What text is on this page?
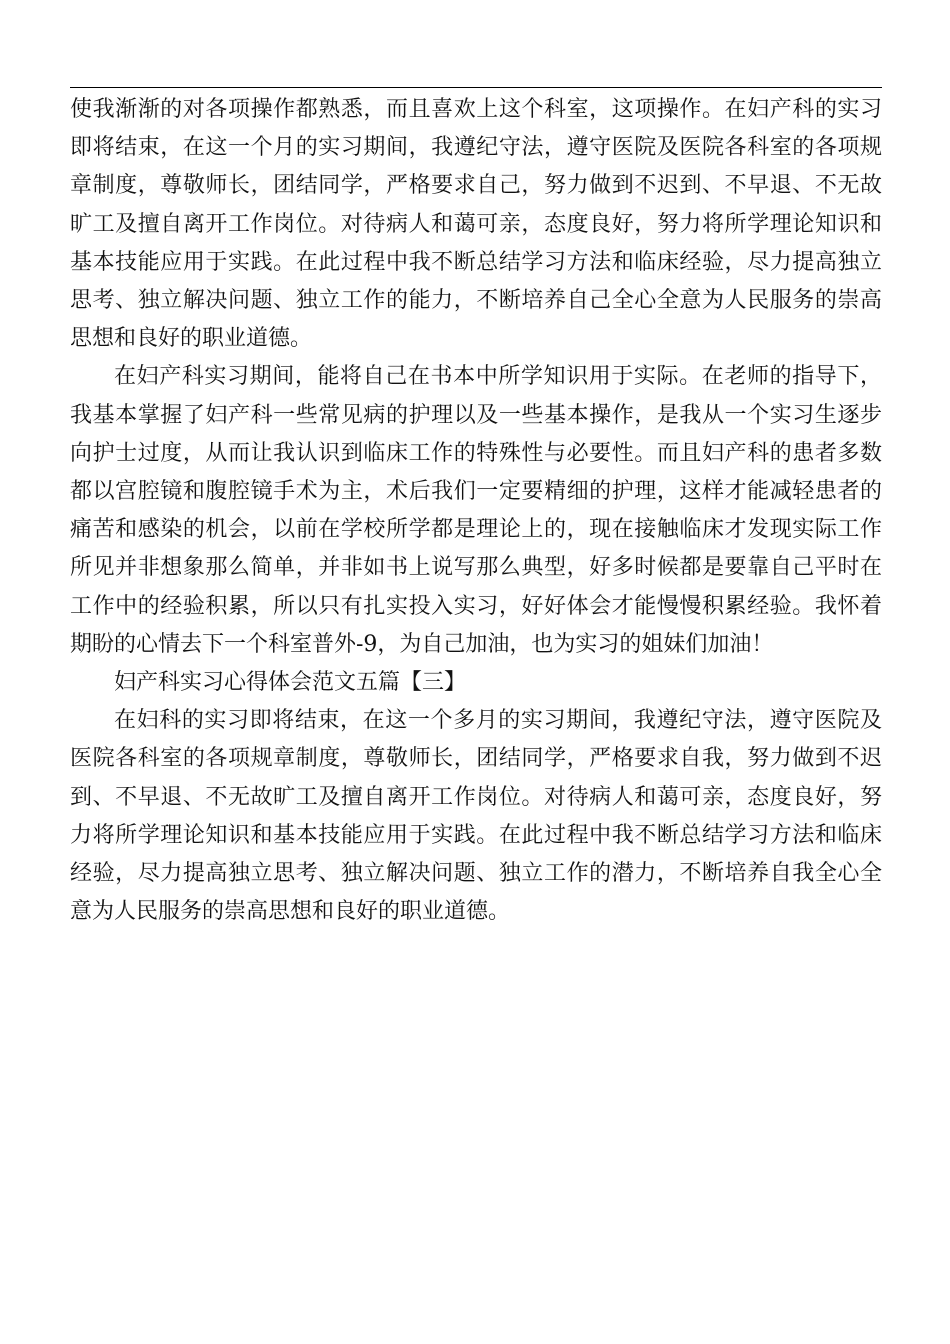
使我渐渐的对各项操作都熟悉，而且喜欢上这个科室，这项操作。在妇产科的实习即将结束，在这一个月的实习期间，我遵纪守法，遵守医院及医院各科室的各项规章制度，尊敬师长，团结同学，严格要求自己，努力做到不迟到、不早退、不无故旷工及擅自离开工作岗位。对待病人和蔼可亲，态度良好，努力将所学理论知识和基本技能应用于实践。在此过程中我不断总结学习方法和临床经验，尽力提高独立思考、独立解决问题、独立工作的能力，不断培养自己全心全意为人民服务的崇高思想和良好的职业道德。

在妇产科实习期间，能将自己在书本中所学知识用于实际。在老师的指导下，我基本掌握了妇产科一些常见病的护理以及一些基本操作，是我从一个实习生逐步向护士过度，从而让我认识到临床工作的特殊性与必要性。而且妇产科的患者多数都以宫腔镜和腹腔镜手术为主，术后我们一定要精细的护理，这样才能减轻患者的痛苦和感染的机会，以前在学校所学都是理论上的，现在接触临床才发现实际工作所见并非想象那么简单，并非如书上说写那么典型，好多时候都是要靠自己平时在工作中的经验积累，所以只有扎实投入实习，好好体会才能慢慢积累经验。我怀着期盼的心情去下一个科室普外-9，为自己加油，也为实习的姐妹们加油！

妇产科实习心得体会范文五篇【三】

在妇科的实习即将结束，在这一个多月的实习期间，我遵纪守法，遵守医院及医院各科室的各项规章制度，尊敬师长，团结同学，严格要求自我，努力做到不迟到、不早退、不无故旷工及擅自离开工作岗位。对待病人和蔼可亲，态度良好，努力将所学理论知识和基本技能应用于实践。在此过程中我不断总结学习方法和临床经验，尽力提高独立思考、独立解决问题、独立工作的潜力，不断培养自我全心全意为人民服务的崇高思想和良好的职业道德。
